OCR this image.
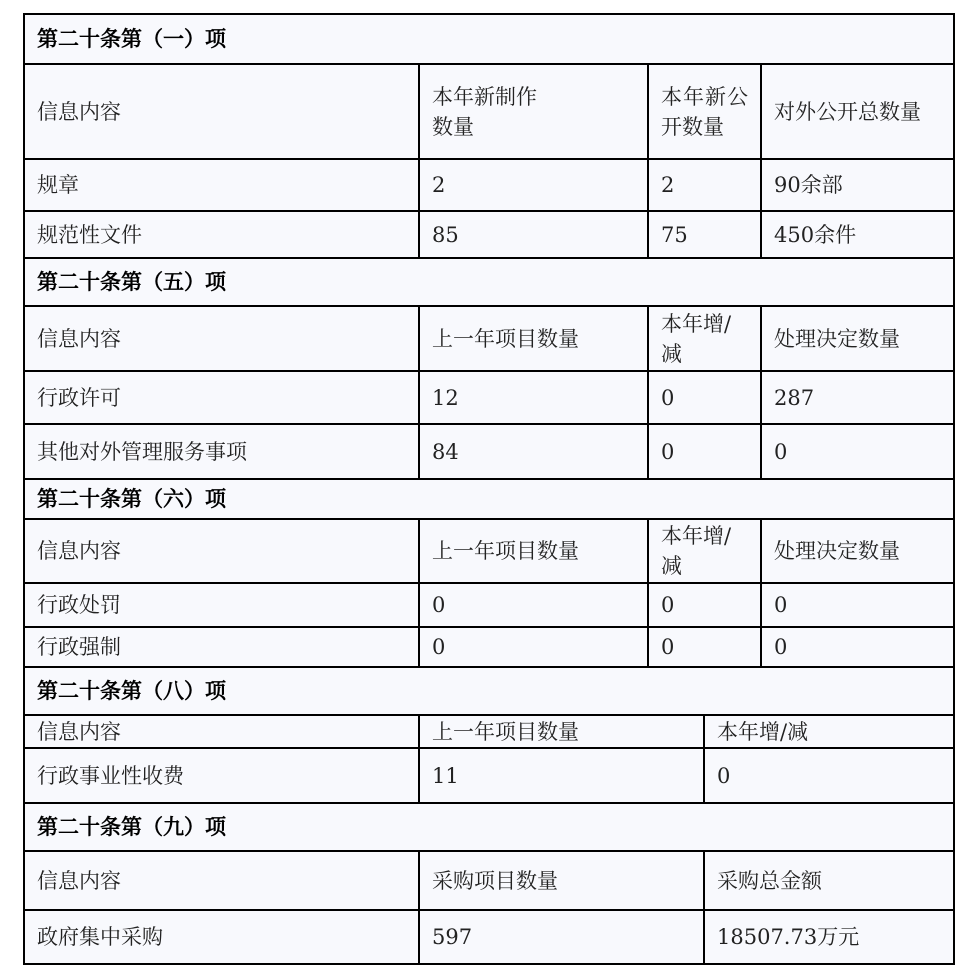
第二十条第（一）项				
信息内容	本年新制作数量	本年新公开数量		对外公开总数量
规章	2	2		90余部
规范性文件	85	75		450余件
第二十条第（五）项				
信息内容	上一年项目数量	本年增/减		处理决定数量
行政许可	12	0		287
其他对外管理服务事项	84	0		0
第二十条第（六）项				
信息内容	上一年项目数量	本年增/减		处理决定数量
行政处罚	0	0		0
行政强制	0	0		0
第二十条第（八）项				
信息内容	上一年项目数量		本年增/减	
行政事业性收费	11		0	
第二十条第（九）项				
信息内容	采购项目数量		采购总金额	
政府集中采购	597		18507.73万元	
